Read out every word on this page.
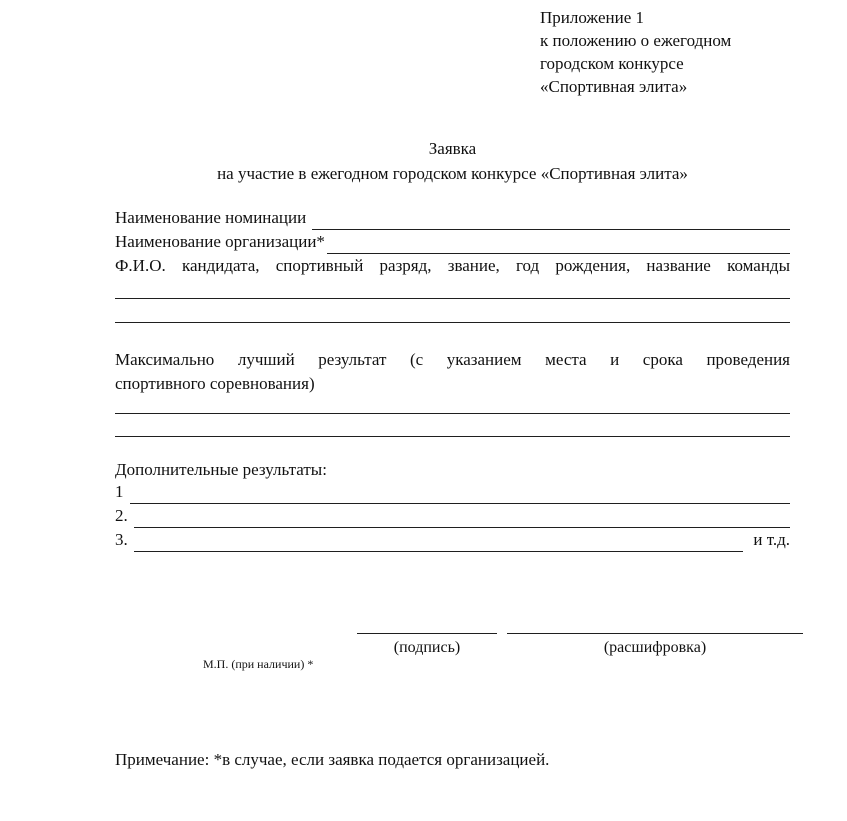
Приложение 1
к положению о ежегодном
городском конкурсе
«Спортивная элита»
Заявка
на участие в ежегодном городском конкурсе «Спортивная элита»
Наименование номинации
Наименование организации*
Ф.И.О. кандидата, спортивный разряд, звание, год рождения, название команды
Максимально лучший результат (с указанием места и срока проведения
спортивного соревнования)
Дополнительные результаты:
1
2.
3.	и т.д.
(подпись)	(расшифровка)
М.П. (при наличии) *
Примечание: *в случае, если заявка подается организацией.
